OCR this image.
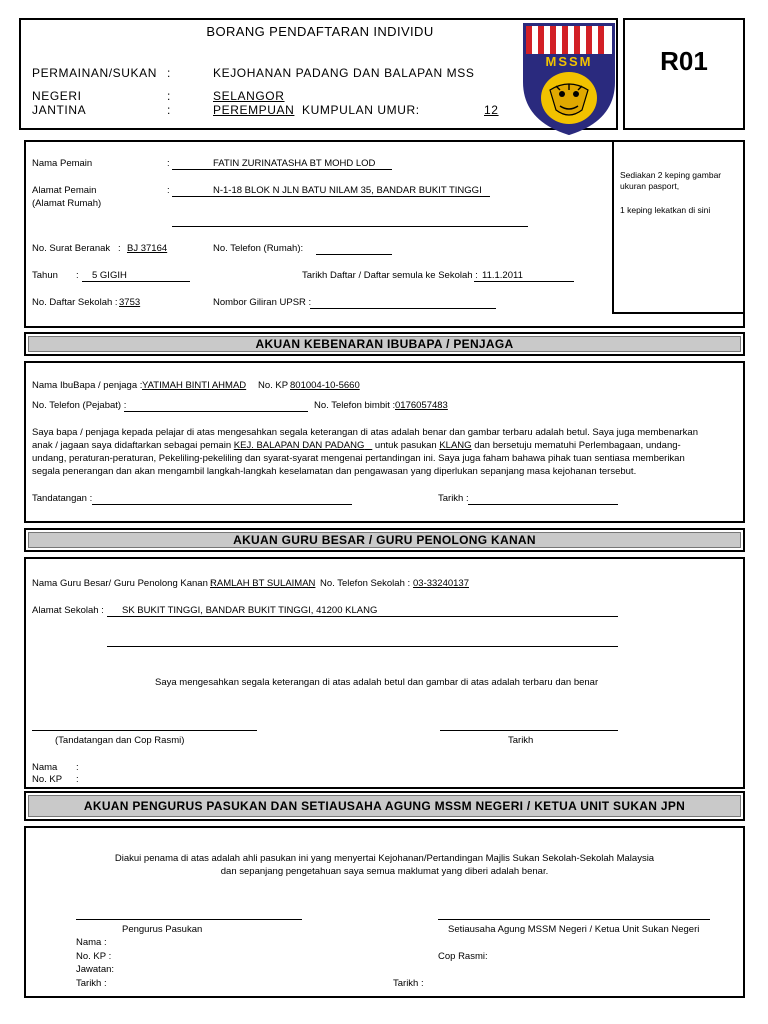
BORANG PENDAFTARAN INDIVIDU
PERMAINAN/SUKAN :	KEJOHANAN PADANG DAN BALAPAN MSS
NEGERI	:	SELANGOR
JANTINA	:	PEREMPUAN KUMPULAN UMUR:	12
MSSM	R01
Sediakan 2 keping gambar
ukuran pasport,
1 keping lekatkan di sini
Nama Pemain	:	FATIN ZURINATASHA BT MOHD LOD
Alamat Pemain
(Alamat Rumah)
:	N-1-18 BLOK N JLN BATU NILAM 35, BANDAR BUKIT TINGGI
No. Surat Beranak : BJ 37164	No. Telefon (Rumah):
Tahun : 5 GIGIH	Tarikh Daftar / Daftar semula ke Sekolah : 11.1.2011
No. Daftar Sekolah : 3753	Nombor Giliran UPSR :
AKUAN KEBENARAN IBUBAPA / PENJAGA
Nama IbuBapa / penjaga : YATIMAH BINTI AHMAD No. KP 801004-10-5660
No. Telefon (Pejabat) :	No. Telefon bimbit : 0176057483
Saya bapa / penjaga kepada pelajar di atas mengesahkan segala keterangan di atas adalah benar dan gambar terbaru adalah betul. Saya juga membenarkan
anak / jagaan saya didaftarkan sebagai pemain KEJ. BALAPAN DAN PADANG untuk pasukan KLANG dan bersetuju mematuhi Perlembagaan, undang-
undang, peraturan-peraturan, Pekeliling-pekeliling dan syarat-syarat mengenai pertandingan ini. Saya juga faham bahawa pihak tuan sentiasa memberikan
segala penerangan dan akan mengambil langkah-langkah keselamatan dan pengawasan yang diperlukan sepanjang masa kejohanan tersebut.
Tandatangan :	Tarikh :
AKUAN GURU BESAR / GURU PENOLONG KANAN
Nama Guru Besar/ Guru Penolong Kanan :
RAMLAH BT SULAIMAN No. Telefon Sekolah : 03-33240137
Alamat Sekolah : SK BUKIT TINGGI, BANDAR BUKIT TINGGI, 41200 KLANG
Saya mengesahkan segala keterangan di atas adalah betul dan gambar di atas adalah terbaru dan benar
(Tandatangan dan Cop Rasmi)	Tarikh
Nama :
No. KP :
AKUAN PENGURUS PASUKAN DAN SETIAUSAHA AGUNG MSSM NEGERI / KETUA UNIT SUKAN JPN
Diakui penama di atas adalah ahli pasukan ini yang menyertai Kejohanan/Pertandingan Majlis Sukan Sekolah-Sekolah Malaysia
dan sepanjang pengetahuan saya semua maklumat yang diberi adalah benar.
Pengurus Pasukan	Setiausaha Agung MSSM Negeri / Ketua Unit Sukan Negeri
Nama :
No. KP :	Cop Rasmi:
Jawatan:
Tarikh :	Tarikh :
